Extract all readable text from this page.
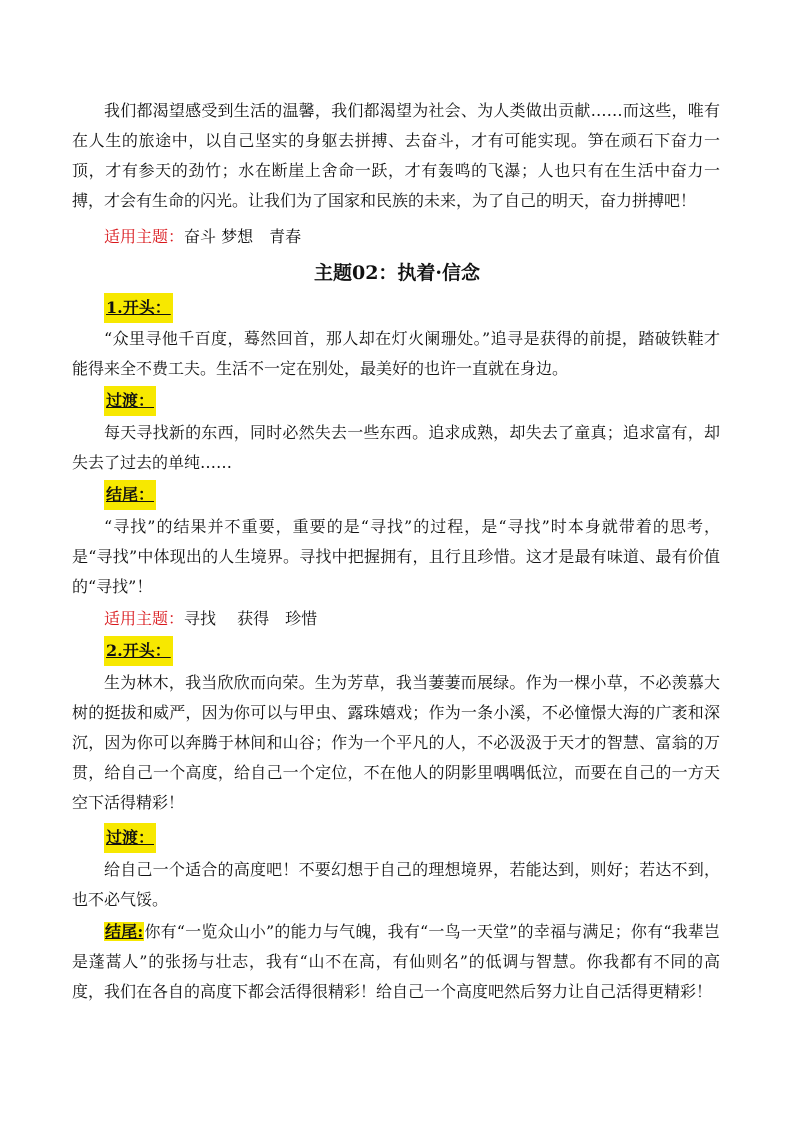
我们都渴望感受到生活的温馨，我们都渴望为社会、为人类做出贡献……而这些，唯有在人生的旅途中，以自己坚实的身躯去拼搏、去奋斗，才有可能实现。笋在顽石下奋力一顶，才有参天的劲竹；水在断崖上舍命一跃，才有轰鸣的飞瀑；人也只有在生活中奋力一搏，才会有生命的闪光。让我们为了国家和民族的未来，为了自己的明天，奋力拼搏吧！

适用主题：奋斗 梦想　青春

主题02：执着·信念
1.开头：

“众里寻他千百度，蓦然回首，那人却在灯火阑珊处。”追寻是获得的前提，踏破铁鞋才能得来全不费工夫。生活不一定在别处，最美好的也许一直就在身边。

过渡：

每天寻找新的东西，同时必然失去一些东西。追求成熟，却失去了童真；追求富有，却失去了过去的单纯……

结尾：

“寻找”的结果并不重要，重要的是“寻找”的过程，是“寻找”时本身就带着的思考，是“寻找”中体现出的人生境界。寻找中把握拥有，且行且珍惜。这才是最有味道、最有价值的“寻找”！

适用主题：寻找　 获得　珍惜

2.开头：

生为林木，我当欣欣而向荣。生为芳草，我当萋萋而展绿。作为一棵小草，不必羡慕大树的挺拔和威严，因为你可以与甲虫、露珠嬉戏；作为一条小溪，不必憧憬大海的广袤和深沉，因为你可以奔腾于林间和山谷；作为一个平凡的人，不必汲汲于天才的智慧、富翁的万贯，给自己一个高度，给自己一个定位，不在他人的阴影里喁喁低泣，而要在自己的一方天空下活得精彩！

过渡：

给自己一个适合的高度吧！不要幻想于自己的理想境界，若能达到，则好；若达不到，也不必气馁。

结尾:你有“一览众山小”的能力与气魄，我有“一鸟一天堂”的幸福与满足；你有“我辈岂是蓬蒿人”的张扬与壮志，我有“山不在高，有仙则名”的低调与智慧。你我都有不同的高度，我们在各自的高度下都会活得很精彩！给自己一个高度吧然后努力让自己活得更精彩！
